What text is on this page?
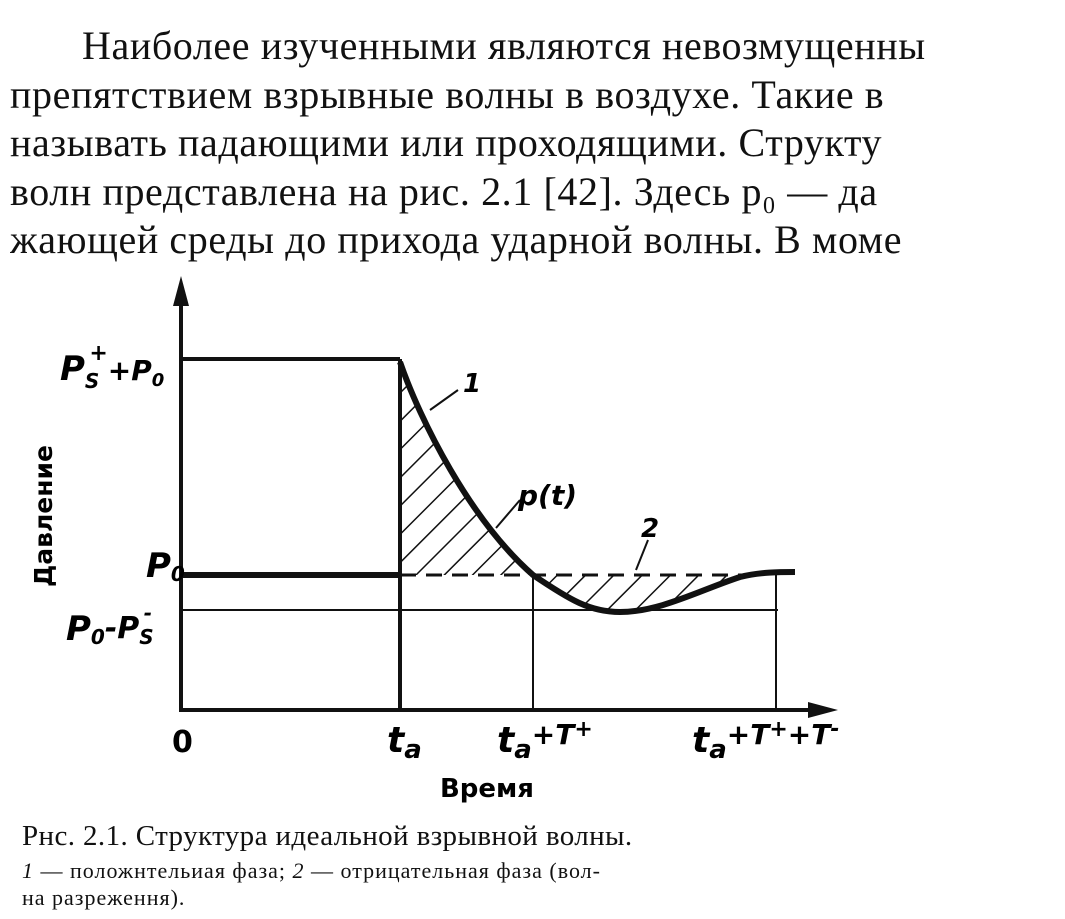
Наиболее изученными являются невозмущенны
препятствием взрывные волны в воздухе. Такие в
называть падающими или проходящими. Структу
волн представлена на рис. 2.1 [42]. Здесь p₀ — да
жающей среды до прихода ударной волны. В моме
1
p(t)
2
Давление
Время
$P_S+_{+P}0$
P0
P0-PS-
0	ta $ta^{+T+}$	$ta^{+T+}_{+T}^-$
Рнс. 2.1. Структура идеальной взрывной волны.
1 — положнтельиая фаза; 2 — отрицательная фаза (вол-
на разреження).
